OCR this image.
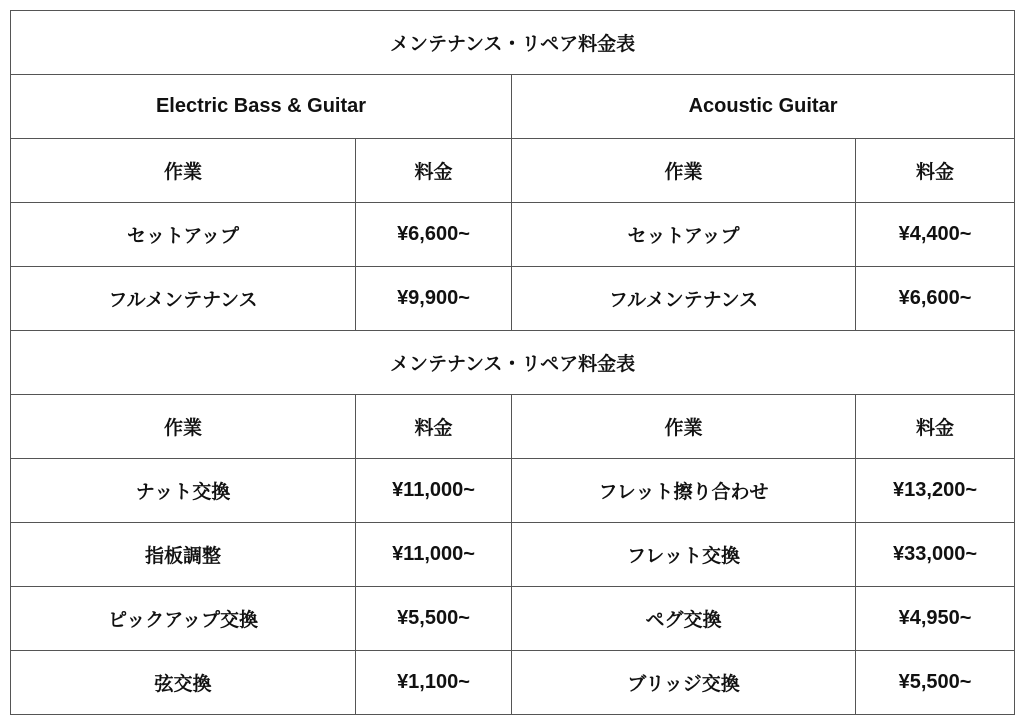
メンテナンス・リペア料金表			
Electric Bass & Guitar		Acoustic Guitar	
作業	料金	作業	料金
セットアップ	¥6,600~	セットアップ	¥4,400~
フルメンテナンス	¥9,900~	フルメンテナンス	¥6,600~
メンテナンス・リペア料金表			
作業	料金	作業	料金
ナット交換	¥11,000~	フレット擦り合わせ	¥13,200~
指板調整	¥11,000~	フレット交換	¥33,000~
ピックアップ交換	¥5,500~	ペグ交換	¥4,950~
弦交換	¥1,100~	ブリッジ交換	¥5,500~
